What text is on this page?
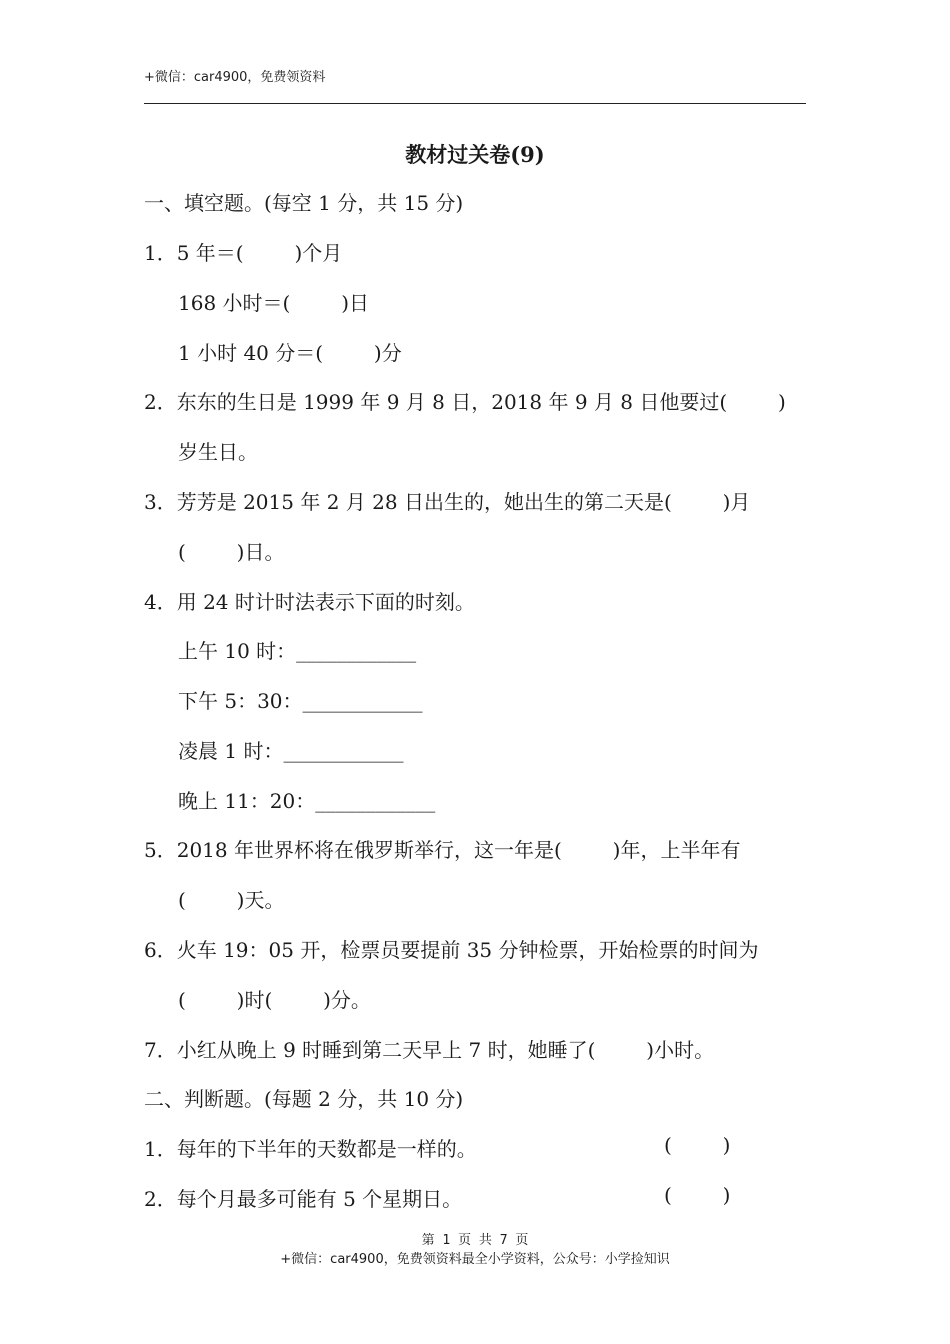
+微信：car4900，免费领资料
教材过关卷(9)
一、填空题。(每空 1 分，共 15 分)
1．5 年＝(        )个月
168 小时＝(        )日
1 小时 40 分＝(        )分
2．东东的生日是 1999 年 9 月 8 日，2018 年 9 月 8 日他要过(        )
岁生日。
3．芳芳是 2015 年 2 月 28 日出生的，她出生的第二天是(        )月
(        )日。
4．用 24 时计时法表示下面的时刻。
上午 10 时：____________
下午 5：30：____________
凌晨 1 时：____________
晚上 11：20：____________
5．2018 年世界杯将在俄罗斯举行，这一年是(        )年，上半年有
(        )天。
6．火车 19：05 开，检票员要提前 35 分钟检票，开始检票的时间为
(        )时(        )分。
7．小红从晚上 9 时睡到第二天早上 7 时，她睡了(        )小时。
二、判断题。(每题 2 分，共 10 分)
1．每年的下半年的天数都是一样的。	(        )
2．每个月最多可能有 5 个星期日。	(        )
第 1 页 共 7 页
+微信：car4900，免费领资料最全小学资料，公众号：小学捡知识
